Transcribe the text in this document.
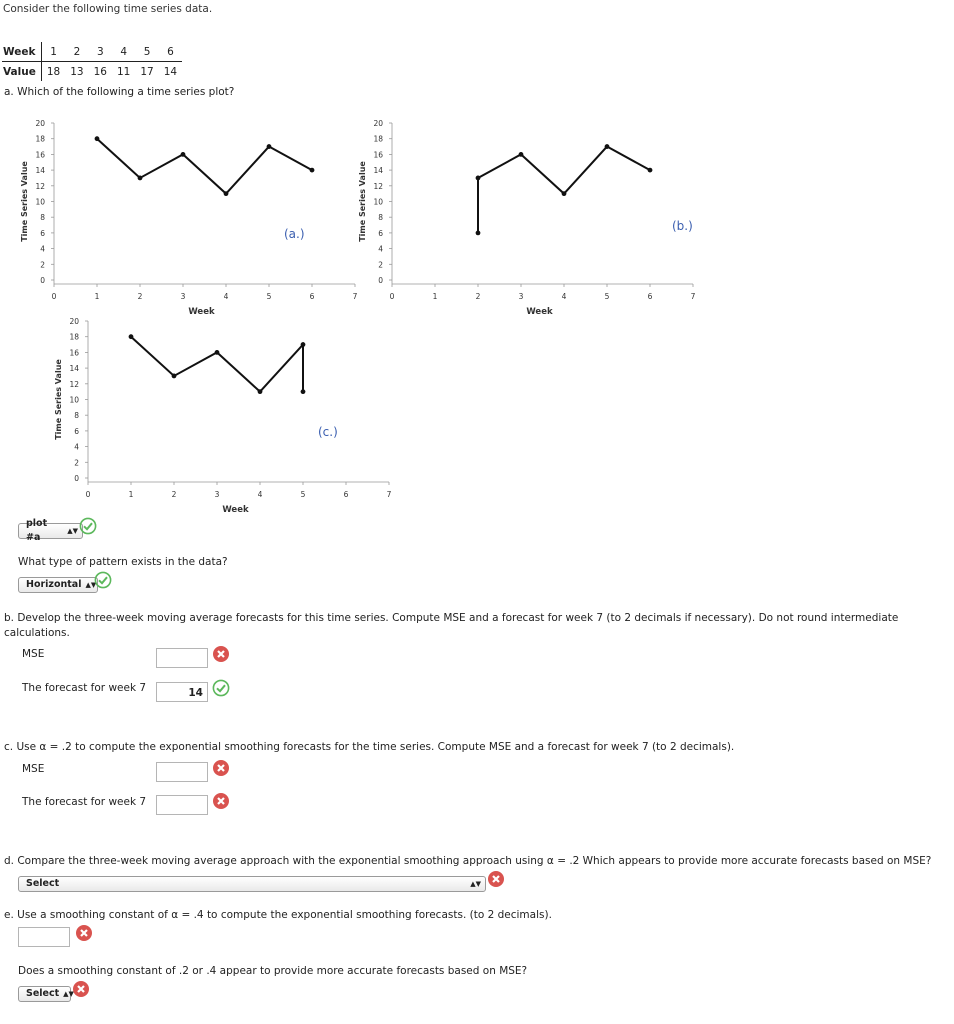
Consider the following time series data.
Week	1	2	3	4	5	6
Value	18	13	16	11	17	14
a. Which of the following a time series plot?
0
2
4
6
8
10
12
14
16
18
20
0	1	2	3	4	5	6	7
Week
Time Series Value	(a.)
0
2
4
6
8
10
12
14
16
18
20
0	1	2	3	4	5	6	7
Week
Time Series Value	(b.)
0
2
4
6
8
10
12
14
16
18
20
0	1	2	3	4	5	6	7
Week
Time Series Value	(c.)
plot #a
▲▼
What type of pattern exists in the data?
Horizontal ▲▼
b. Develop the three-week moving average forecasts for this time series. Compute MSE and a forecast for week 7 (to 2 decimals if necessary). Do not round intermediate calculations.
MSE
The forecast for week 7	14
c. Use α = .2 to compute the exponential smoothing forecasts for the time series. Compute MSE and a forecast for week 7 (to 2 decimals).
MSE
The forecast for week 7
d. Compare the three-week moving average approach with the exponential smoothing approach using α = .2 Which appears to provide more accurate forecasts based on MSE?
Select	▲▼
e. Use a smoothing constant of α = .4 to compute the exponential smoothing forecasts. (to 2 decimals).
Does a smoothing constant of .2 or .4 appear to provide more accurate forecasts based on MSE?
Select ▲▼
